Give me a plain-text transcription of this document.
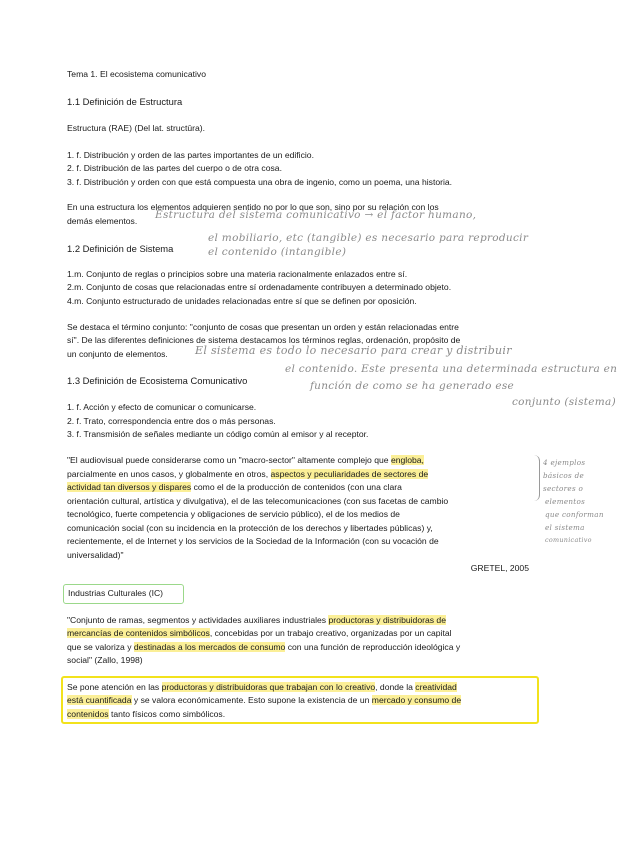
Tema 1. El ecosistema comunicativo
1.1 Definición de Estructura
Estructura (RAE) (Del lat. structūra).
1. f. Distribución y orden de las partes importantes de un edificio.
2. f. Distribución de las partes del cuerpo o de otra cosa.
3. f. Distribución y orden con que está compuesta una obra de ingenio, como un poema, una historia.
En una estructura los elementos adquieren sentido no por lo que son, sino por su relación con los
demás elementos. Estructura del sistema comunicativo → el factor humano,
1.2 Definición de Sistema
el mobiliario, etc (tangible) es necesario para reproducir
el contenido (intangible)
1.m. Conjunto de reglas o principios sobre una materia racionalmente enlazados entre sí.
2.m. Conjunto de cosas que relacionadas entre sí ordenadamente contribuyen a determinado objeto.
4.m. Conjunto estructurado de unidades relacionadas entre sí que se definen por oposición.
Se destaca el término conjunto: "conjunto de cosas que presentan un orden y están relacionadas entre
sí". De las diferentes definiciones de sistema destacamos los términos reglas, ordenación, propósito de
un conjunto de elementos. El sistema es todo lo necesario para crear y distribuir
1.3 Definición de Ecosistema Comunicativo
el contenido. Este presenta una determinada estructura en
función de como se ha generado ese
conjunto (sistema)
1. f. Acción y efecto de comunicar o comunicarse.
2. f. Trato, correspondencia entre dos o más personas.
3. f. Transmisión de señales mediante un código común al emisor y al receptor.
"El audiovisual puede considerarse como un "macro-sector" altamente complejo que engloba,
parcialmente en unos casos, y globalmente en otros, aspectos y peculiaridades de sectores de
actividad tan diversos y dispares como el de la producción de contenidos (con una clara
orientación cultural, artística y divulgativa), el de las telecomunicaciones (con sus facetas de cambio
tecnológico, fuerte competencia y obligaciones de servicio público), el de los medios de
comunicación social (con su incidencia en la protección de los derechos y libertades públicas) y,
recientemente, el de Internet y los servicios de la Sociedad de la Información (con su vocación de
universalidad)"
GRETEL, 2005
4 ejemplos
básicos de
sectores o
elementos
que conforman
el sistema
comunicativo
Industrias Culturales (IC)
"Conjunto de ramas, segmentos y actividades auxiliares industriales productoras y distribuidoras de
mercancías de contenidos simbólicos, concebidas por un trabajo creativo, organizadas por un capital
que se valoriza y destinadas a los mercados de consumo con una función de reproducción ideológica y
social" (Zallo, 1998)
Se pone atención en las productoras y distribuidoras que trabajan con lo creativo, donde la creatividad
está cuantificada y se valora económicamente. Esto supone la existencia de un mercado y consumo de
contenidos tanto físicos como simbólicos.
